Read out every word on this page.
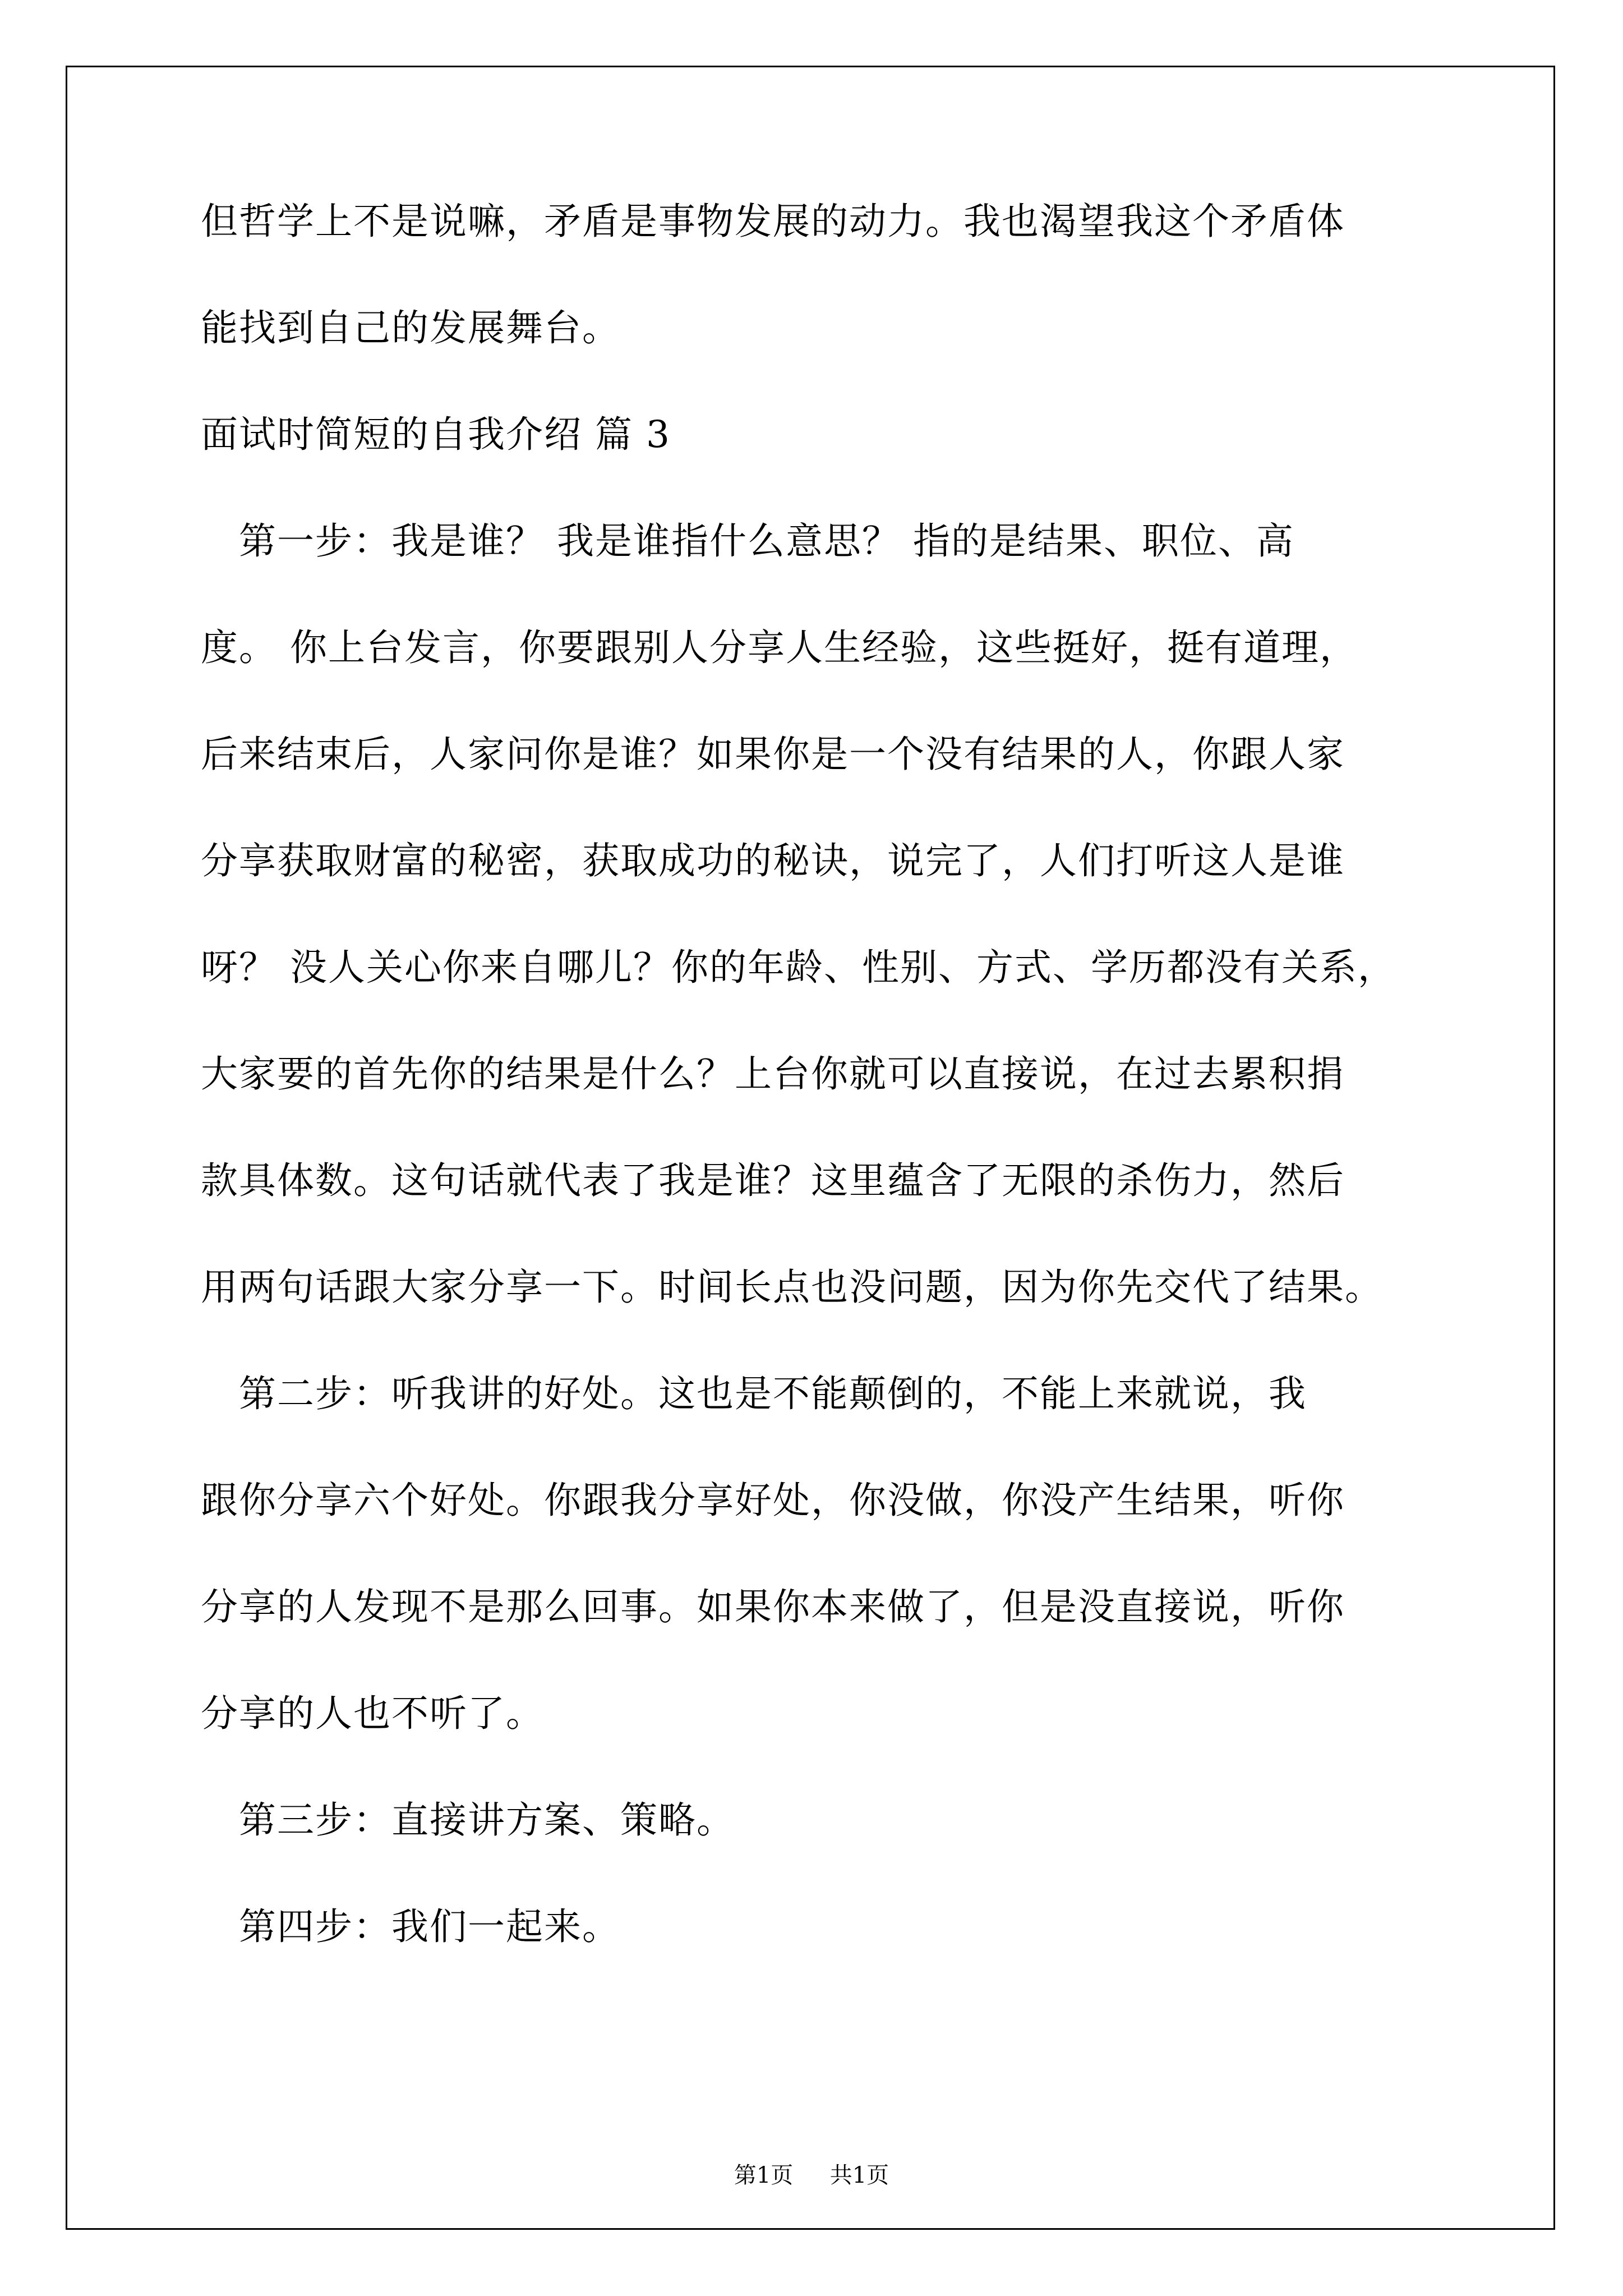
但哲学上不是说嘛，矛盾是事物发展的动力。我也渴望我这个矛盾体
能找到自己的发展舞台。
面试时简短的自我介绍 篇 3
　第一步：我是谁？ 我是谁指什么意思？ 指的是结果、职位、高
度。 你上台发言，你要跟别人分享人生经验，这些挺好，挺有道理，
后来结束后，人家问你是谁？如果你是一个没有结果的人，你跟人家
分享获取财富的秘密，获取成功的秘诀，说完了，人们打听这人是谁
呀？ 没人关心你来自哪儿？你的年龄、性别、方式、学历都没有关系，
大家要的首先你的结果是什么？上台你就可以直接说，在过去累积捐
款具体数。这句话就代表了我是谁？这里蕴含了无限的杀伤力，然后
用两句话跟大家分享一下。时间长点也没问题，因为你先交代了结果。
　第二步：听我讲的好处。这也是不能颠倒的，不能上来就说，我
跟你分享六个好处。你跟我分享好处，你没做，你没产生结果，听你
分享的人发现不是那么回事。如果你本来做了，但是没直接说，听你
分享的人也不听了。
　第三步：直接讲方案、策略。
　第四步：我们一起来。
第1页 共1页
